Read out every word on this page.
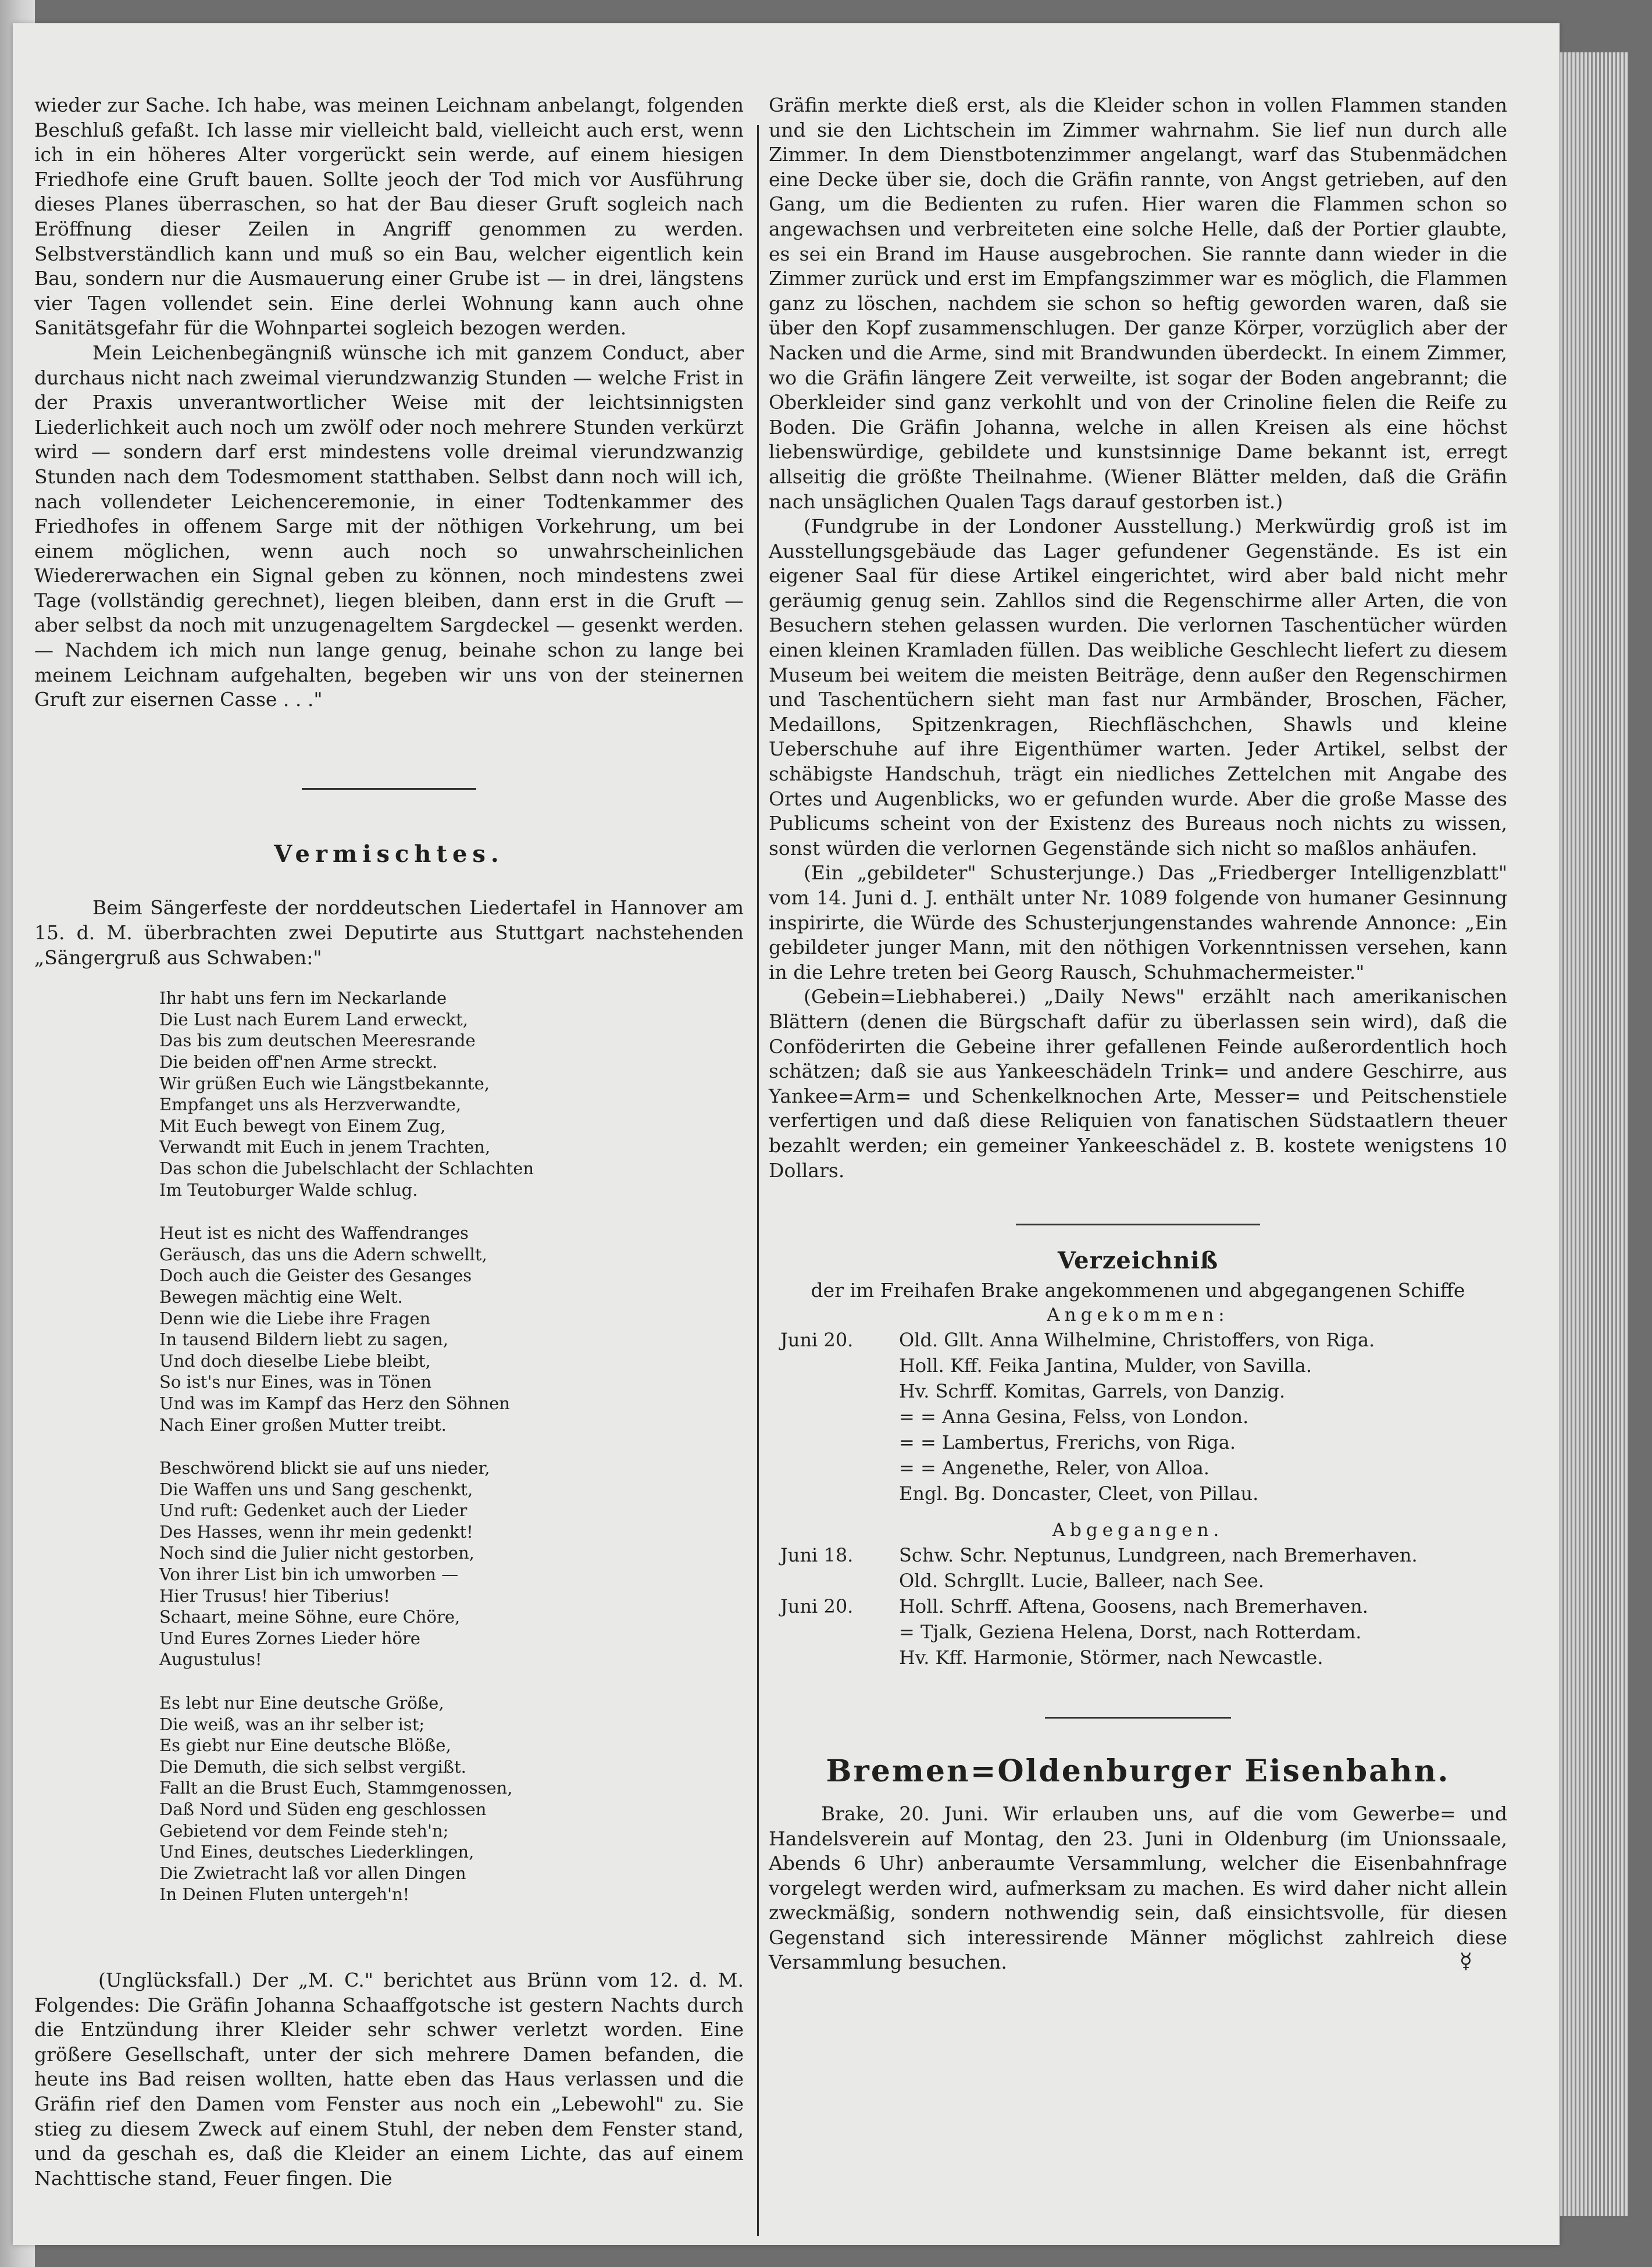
wieder zur Sache. Ich habe, was meinen Leichnam anbelangt, folgenden Beschluß gefaßt. Ich lasse mir vielleicht bald, vielleicht auch erst, wenn ich in ein höheres Alter vorgerückt sein werde, auf einem hiesigen Friedhofe eine Gruft bauen. Sollte jeoch der Tod mich vor Ausführung dieses Planes überraschen, so hat der Bau dieser Gruft sogleich nach Eröffnung dieser Zeilen in Angriff genommen zu werden. Selbstverständlich kann und muß so ein Bau, welcher eigentlich kein Bau, sondern nur die Ausmauerung einer Grube ist — in drei, längstens vier Tagen vollendet sein. Eine derlei Wohnung kann auch ohne Sanitätsgefahr für die Wohnpartei sogleich bezogen werden.

Mein Leichenbegängniß wünsche ich mit ganzem Conduct, aber durchaus nicht nach zweimal vierundzwanzig Stunden — welche Frist in der Praxis unverantwortlicher Weise mit der leichtsinnigsten Liederlichkeit auch noch um zwölf oder noch mehrere Stunden verkürzt wird — sondern darf erst mindestens volle dreimal vierundzwanzig Stunden nach dem Todesmoment statthaben. Selbst dann noch will ich, nach vollendeter Leichenceremonie, in einer Todtenkammer des Friedhofes in offenem Sarge mit der nöthigen Vorkehrung, um bei einem möglichen, wenn auch noch so unwahrscheinlichen Wiedererwachen ein Signal geben zu können, noch mindestens zwei Tage (vollständig gerechnet), liegen bleiben, dann erst in die Gruft — aber selbst da noch mit unzugenageltem Sargdeckel — gesenkt werden. — Nachdem ich mich nun lange genug, beinahe schon zu lange bei meinem Leichnam aufgehalten, begeben wir uns von der steinernen Gruft zur eisernen Casse . . ."

Vermischtes.

Beim Sängerfeste der norddeutschen Liedertafel in Hannover am 15. d. M. überbrachten zwei Deputirte aus Stuttgart nachstehenden „Sängergruß aus Schwaben:"

Ihr habt uns fern im Neckarlande

Die Lust nach Eurem Land erweckt,

Das bis zum deutschen Meeresrande

Die beiden off'nen Arme streckt.

Wir grüßen Euch wie Längstbekannte,

Empfanget uns als Herzverwandte,

Mit Euch bewegt von Einem Zug,

Verwandt mit Euch in jenem Trachten,

Das schon die Jubelschlacht der Schlachten

Im Teutoburger Walde schlug.

Heut ist es nicht des Waffendranges

Geräusch, das uns die Adern schwellt,

Doch auch die Geister des Gesanges

Bewegen mächtig eine Welt.

Denn wie die Liebe ihre Fragen

In tausend Bildern liebt zu sagen,

Und doch dieselbe Liebe bleibt,

So ist's nur Eines, was in Tönen

Und was im Kampf das Herz den Söhnen

Nach Einer großen Mutter treibt.

Beschwörend blickt sie auf uns nieder,

Die Waffen uns und Sang geschenkt,

Und ruft: Gedenket auch der Lieder

Des Hasses, wenn ihr mein gedenkt!

Noch sind die Julier nicht gestorben,

Von ihrer List bin ich umworben —

Hier Trusus! hier Tiberius!

Schaart, meine Söhne, eure Chöre,

Und Eures Zornes Lieder höre

Augustulus!

Es lebt nur Eine deutsche Größe,

Die weiß, was an ihr selber ist;

Es giebt nur Eine deutsche Blöße,

Die Demuth, die sich selbst vergißt.

Fallt an die Brust Euch, Stammgenossen,

Daß Nord und Süden eng geschlossen

Gebietend vor dem Feinde steh'n;

Und Eines, deutsches Liederklingen,

Die Zwietracht laß vor allen Dingen

In Deinen Fluten untergeh'n!

(Unglücksfall.) Der „M. C." berichtet aus Brünn vom 12. d. M. Folgendes: Die Gräfin Johanna Schaaffgotsche ist gestern Nachts durch die Entzündung ihrer Kleider sehr schwer verletzt worden. Eine größere Gesellschaft, unter der sich mehrere Damen befanden, die heute ins Bad reisen wollten, hatte eben das Haus verlassen und die Gräfin rief den Damen vom Fenster aus noch ein „Lebewohl" zu. Sie stieg zu diesem Zweck auf einem Stuhl, der neben dem Fenster stand, und da geschah es, daß die Kleider an einem Lichte, das auf einem Nachttische stand, Feuer fingen. Die

Gräfin merkte dieß erst, als die Kleider schon in vollen Flammen standen und sie den Lichtschein im Zimmer wahrnahm. Sie lief nun durch alle Zimmer. In dem Dienstbotenzimmer angelangt, warf das Stubenmädchen eine Decke über sie, doch die Gräfin rannte, von Angst getrieben, auf den Gang, um die Bedienten zu rufen. Hier waren die Flammen schon so angewachsen und verbreiteten eine solche Helle, daß der Portier glaubte, es sei ein Brand im Hause ausgebrochen. Sie rannte dann wieder in die Zimmer zurück und erst im Empfangszimmer war es möglich, die Flammen ganz zu löschen, nachdem sie schon so heftig geworden waren, daß sie über den Kopf zusammenschlugen. Der ganze Körper, vorzüglich aber der Nacken und die Arme, sind mit Brandwunden überdeckt. In einem Zimmer, wo die Gräfin längere Zeit verweilte, ist sogar der Boden angebrannt; die Oberkleider sind ganz verkohlt und von der Crinoline fielen die Reife zu Boden. Die Gräfin Johanna, welche in allen Kreisen als eine höchst liebenswürdige, gebildete und kunstsinnige Dame bekannt ist, erregt allseitig die größte Theilnahme. (Wiener Blätter melden, daß die Gräfin nach unsäglichen Qualen Tags darauf gestorben ist.)

(Fundgrube in der Londoner Ausstellung.) Merkwürdig groß ist im Ausstellungsgebäude das Lager gefundener Gegenstände. Es ist ein eigener Saal für diese Artikel eingerichtet, wird aber bald nicht mehr geräumig genug sein. Zahllos sind die Regenschirme aller Arten, die von Besuchern stehen gelassen wurden. Die verlornen Taschentücher würden einen kleinen Kramladen füllen. Das weibliche Geschlecht liefert zu diesem Museum bei weitem die meisten Beiträge, denn außer den Regenschirmen und Taschentüchern sieht man fast nur Armbänder, Broschen, Fächer, Medaillons, Spitzenkragen, Riechfläschchen, Shawls und kleine Ueberschuhe auf ihre Eigenthümer warten. Jeder Artikel, selbst der schäbigste Handschuh, trägt ein niedliches Zettelchen mit Angabe des Ortes und Augenblicks, wo er gefunden wurde. Aber die große Masse des Publicums scheint von der Existenz des Bureaus noch nichts zu wissen, sonst würden die verlornen Gegenstände sich nicht so maßlos anhäufen.

(Ein „gebildeter" Schusterjunge.) Das „Friedberger Intelligenzblatt" vom 14. Juni d. J. enthält unter Nr. 1089 folgende von humaner Gesinnung inspirirte, die Würde des Schusterjungenstandes wahrende Annonce: „Ein gebildeter junger Mann, mit den nöthigen Vorkenntnissen versehen, kann in die Lehre treten bei Georg Rausch, Schuhmachermeister."

(Gebein=Liebhaberei.) „Daily News" erzählt nach amerikanischen Blättern (denen die Bürgschaft dafür zu überlassen sein wird), daß die Conföderirten die Gebeine ihrer gefallenen Feinde außerordentlich hoch schätzen; daß sie aus Yankeeschädeln Trink= und andere Geschirre, aus Yankee=Arm= und Schenkelknochen Arte, Messer= und Peitschenstiele verfertigen und daß diese Reliquien von fanatischen Südstaatlern theuer bezahlt werden; ein gemeiner Yankeeschädel z. B. kostete wenigstens 10 Dollars.

Verzeichniß

der im Freihafen Brake angekommenen und abgegangenen Schiffe

Angekommen:

Juni 20.	Old. Gllt. Anna Wilhelmine, Christoffers, von Riga.
	Holl. Kff. Feika Jantina, Mulder, von Savilla.
	Hv. Schrff. Komitas, Garrels, von Danzig.
	= = Anna Gesina, Felss, von London.
	= = Lambertus, Frerichs, von Riga.
	= = Angenethe, Reler, von Alloa.
	Engl. Bg. Doncaster, Cleet, von Pillau.

Abgegangen.

Juni 18.	Schw. Schr. Neptunus, Lundgreen, nach Bremerhaven.
	Old. Schrgllt. Lucie, Balleer, nach See.
Juni 20.	Holl. Schrff. Aftena, Goosens, nach Bremerhaven.
	= Tjalk, Geziena Helena, Dorst, nach Rotterdam.
	Hv. Kff. Harmonie, Störmer, nach Newcastle.

Bremen=Oldenburger Eisenbahn.

Brake, 20. Juni. Wir erlauben uns, auf die vom Gewerbe= und Handelsverein auf Montag, den 23. Juni in Oldenburg (im Unionssaale, Abends 6 Uhr) anberaumte Versammlung, welcher die Eisenbahnfrage vorgelegt werden wird, aufmerksam zu machen. Es wird daher nicht allein zweckmäßig, sondern nothwendig sein, daß einsichtsvolle, für diesen Gegenstand sich interessirende Männer möglichst zahlreich diese Versammlung besuchen.	☿
